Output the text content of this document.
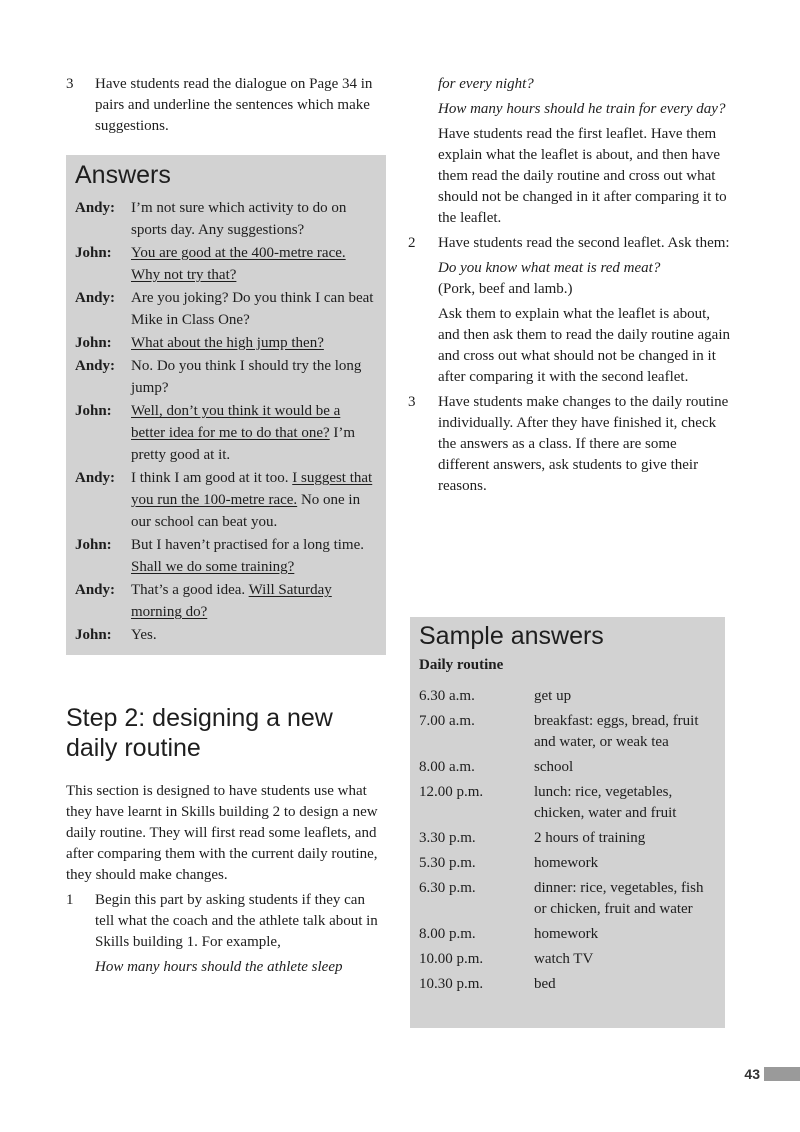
3	Have students read the dialogue on Page 34 in pairs and underline the sentences which make suggestions.
Answers
Andy:	I’m not sure which activity to do on sports day. Any suggestions?
John:	You are good at the 400-metre race. Why not try that?
Andy:	Are you joking? Do you think I can beat Mike in Class One?
John:	What about the high jump then?
Andy:	No. Do you think I should try the long jump?
John:	Well, don’t you think it would be a better idea for me to do that one? I’m pretty good at it.
Andy:	I think I am good at it too. I suggest that you run the 100-metre race. No one in our school can beat you.
John:	But I haven’t practised for a long time. Shall we do some training?
Andy:	That’s a good idea. Will Saturday morning do?
John:	Yes.
Step 2: designing a new daily routine

This section is designed to have students use what they have learnt in Skills building 2 to design a new daily routine. They will first read some leaflets, and after comparing them with the current daily routine, they should make changes.

1	Begin this part by asking students if they can tell what the coach and the athlete talk about in Skills building 1. For example,

How many hours should the athlete sleep

for every night?

How many hours should he train for every day?

Have students read the first leaflet. Have them explain what the leaflet is about, and then have them read the daily routine and cross out what should not be changed in it after comparing it to the leaflet.

2	Have students read the second leaflet. Ask them:

Do you know what meat is red meat?

(Pork, beef and lamb.)

Ask them to explain what the leaflet is about, and then ask them to read the daily routine again and cross out what should not be changed in it after comparing it with the second leaflet.

3	Have students make changes to the daily routine individually. After they have finished it, check the answers as a class. If there are some different answers, ask students to give their reasons.
Sample answers
Daily routine
6.30 a.m.	get up
7.00 a.m.	breakfast: eggs, bread, fruit and water, or weak tea
8.00 a.m.	school
12.00 p.m.	lunch: rice, vegetables, chicken, water and fruit
3.30 p.m.	2 hours of training
5.30 p.m.	homework
6.30 p.m.	dinner: rice, vegetables, fish or chicken, fruit and water
8.00 p.m.	homework
10.00 p.m.	watch TV
10.30 p.m.	bed
43
